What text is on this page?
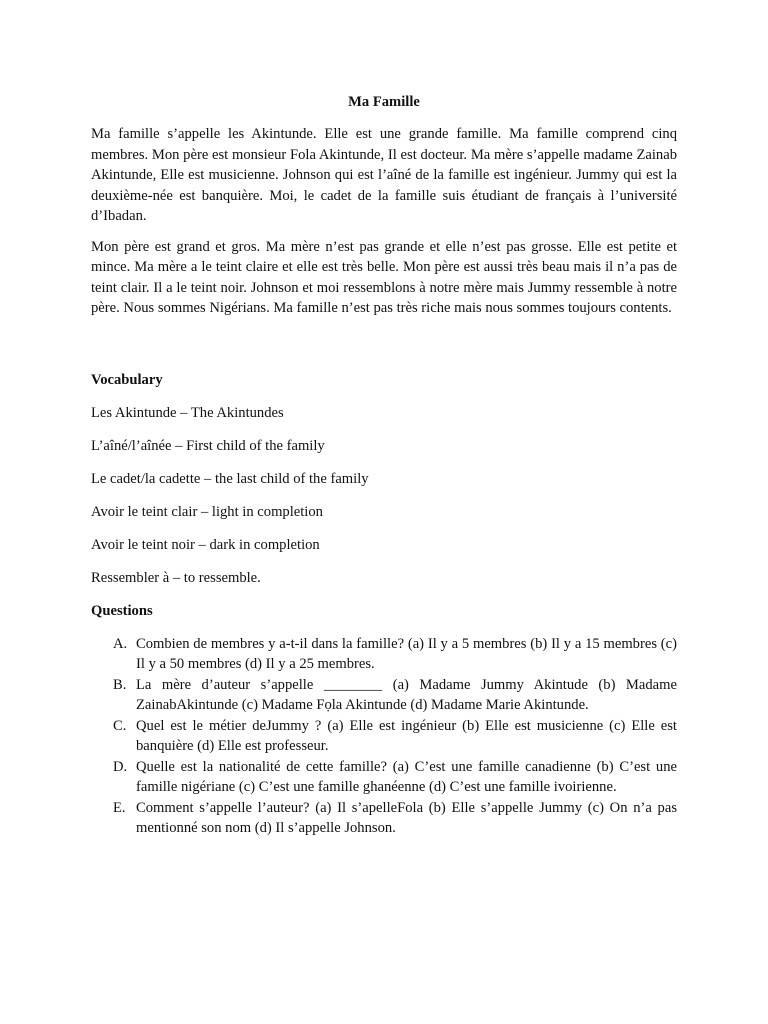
Ma Famille

Ma famille s’appelle les Akintunde. Elle est une grande famille. Ma famille comprend cinq membres. Mon père est monsieur Fola Akintunde, Il est docteur. Ma mère s’appelle madame Zainab Akintunde, Elle est musicienne. Johnson qui est l’aîné de la famille est ingénieur. Jummy qui est la deuxième-née est banquière. Moi, le cadet de la famille suis étudiant de français à l’université d’Ibadan.

Mon père est grand et gros. Ma mère n’est pas grande et elle n’est pas grosse. Elle est petite et mince. Ma mère a le teint claire et elle est très belle. Mon père est aussi très beau mais il n’a pas de teint clair. Il a le teint noir. Johnson et moi ressemblons à notre mère mais Jummy ressemble à notre père. Nous sommes Nigérians. Ma famille n’est pas très riche mais nous sommes toujours contents.

Vocabulary
Les Akintunde – The Akintundes
L’aîné/l’aînée – First child of the family
Le cadet/la cadette – the last child of the family
Avoir le teint clair – light in completion
Avoir le teint noir – dark in completion
Ressembler à – to ressemble.
Questions
A. Combien de membres y a-t-il dans la famille? (a) Il y a 5 membres (b) Il y a 15 membres (c) Il y a 50 membres (d) Il y a 25 membres.
B. La mère d’auteur s’appelle ________ (a) Madame Jummy Akintude (b) Madame ZainabAkintunde (c) Madame Fọla Akintunde (d) Madame Marie Akintunde.
C. Quel est le métier deJummy ? (a) Elle est ingénieur (b) Elle est musicienne (c) Elle est banquière (d) Elle est professeur.
D. Quelle est la nationalité de cette famille? (a) C’est une famille canadienne (b) C’est une famille nigériane (c) C’est une famille ghanéenne (d) C’est une famille ivoirienne.
E. Comment s’appelle l’auteur? (a) Il s’apelleFola (b) Elle s’appelle Jummy (c) On n’a pas mentionné son nom (d) Il s’appelle Johnson.
